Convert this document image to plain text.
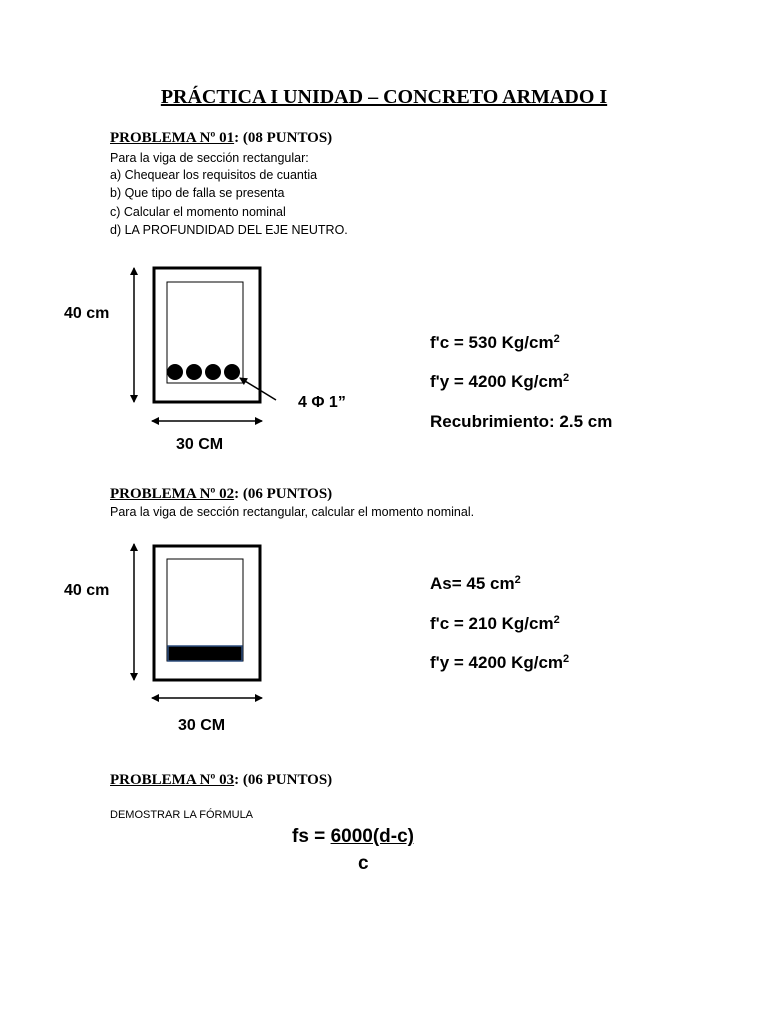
PRÁCTICA I UNIDAD – CONCRETO ARMADO I
PROBLEMA Nº 01: (08 PUNTOS)
Para la viga de sección rectangular:
a) Chequear los requisitos de cuantia
b) Que tipo de falla se presenta
c) Calcular el momento nominal
d) LA PROFUNDIDAD DEL EJE NEUTRO.
40 cm
30 CM
4 Φ 1”
f'c = 530 $Kg/cm^2$
f'y = 4200 $Kg/cm^2$
Recubrimiento: 2.5 cm
PROBLEMA Nº 02: (06 PUNTOS)
Para la viga de sección rectangular, calcular el momento nominal.
40 cm
30 CM
As= 45 $cm^2$
f'c = 210 $Kg/cm^2$
f'y = 4200 $Kg/cm^2$
PROBLEMA Nº 03: (06 PUNTOS)
DEMOSTRAR LA FÓRMULA
fs = 6000(d-c)
c
